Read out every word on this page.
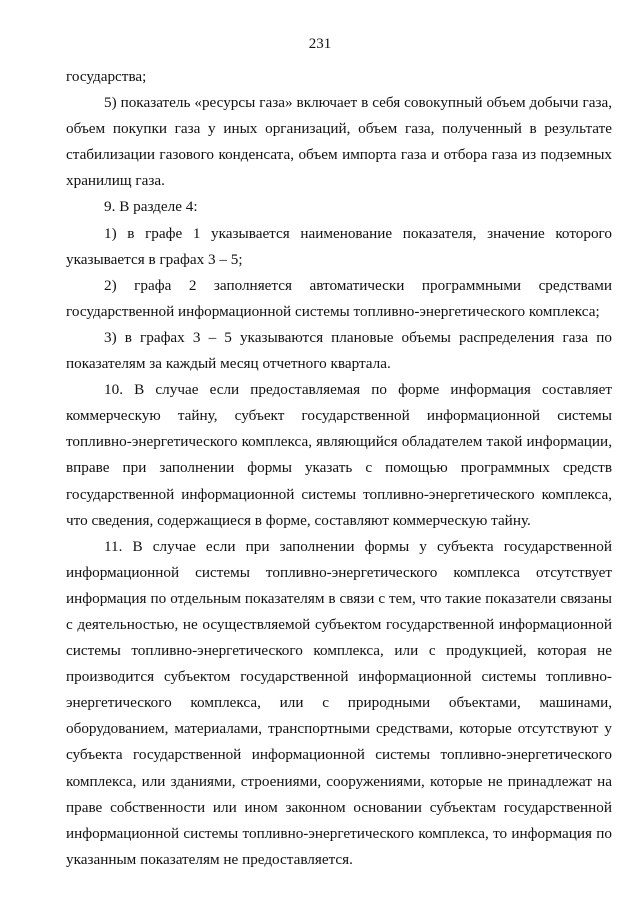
231

государства;

5) показатель «ресурсы газа» включает в себя совокупный объем добычи газа, объем покупки газа у иных организаций, объем газа, полученный в результате стабилизации газового конденсата, объем импорта газа и отбора газа из подземных хранилищ газа.

9. В разделе 4:

1) в графе 1 указывается наименование показателя, значение которого указывается в графах 3 – 5;

2) графа 2 заполняется автоматически программными средствами государственной информационной системы топливно-энергетического комплекса;

3) в графах 3 – 5 указываются плановые объемы распределения газа по показателям за каждый месяц отчетного квартала.

10. В случае если предоставляемая по форме информация составляет коммерческую тайну, субъект государственной информационной системы топливно-энергетического комплекса, являющийся обладателем такой информации, вправе при заполнении формы указать с помощью программных средств государственной информационной системы топливно-энергетического комплекса, что сведения, содержащиеся в форме, составляют коммерческую тайну.

11. В случае если при заполнении формы у субъекта государственной информационной системы топливно-энергетического комплекса отсутствует информация по отдельным показателям в связи с тем, что такие показатели связаны с деятельностью, не осуществляемой субъектом государственной информационной системы топливно-энергетического комплекса, или с продукцией, которая не производится субъектом государственной информационной системы топливно-энергетического комплекса, или с природными объектами, машинами, оборудованием, материалами, транспортными средствами, которые отсутствуют у субъекта государственной информационной системы топливно-энергетического комплекса, или зданиями, строениями, сооружениями, которые не принадлежат на праве собственности или ином законном основании субъектам государственной информационной системы топливно-энергетического комплекса, то информация по указанным показателям не предоставляется.
